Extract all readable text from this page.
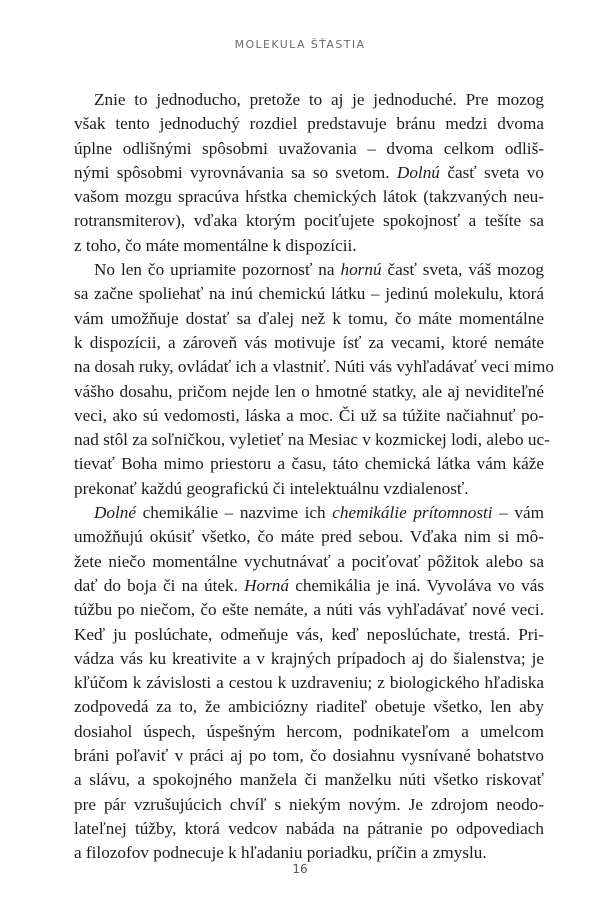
MOLEKULA ŠŤASTIA
Znie to jednoducho, pretože to aj je jednoduché. Pre mozog
však tento jednoduchý rozdiel predstavuje bránu medzi dvoma
úplne odlišnými spôsobmi uvažovania – dvoma celkom odliš-
nými spôsobmi vyrovnávania sa so svetom. Dolnú časť sveta vo
vašom mozgu spracúva hŕstka chemických látok (takzvaných neu-
rotransmiterov), vďaka ktorým pociťujete spokojnosť a tešíte sa
z toho, čo máte momentálne k dispozícii.
No len čo upriamite pozornosť na hornú časť sveta, váš mozog
sa začne spoliehať na inú chemickú látku – jedinú molekulu, ktorá
vám umožňuje dostať sa ďalej než k tomu, čo máte momentálne
k dispozícii, a zároveň vás motivuje ísť za vecami, ktoré nemáte
na dosah ruky, ovládať ich a vlastniť. Núti vás vyhľadávať veci mimo
vášho dosahu, pričom nejde len o hmotné statky, ale aj neviditeľné
veci, ako sú vedomosti, láska a moc. Či už sa túžite načiahnuť po-
nad stôl za soľničkou, vyletieť na Mesiac v kozmickej lodi, alebo uc-
tievať Boha mimo priestoru a času, táto chemická látka vám káže
prekonať každú geografickú či intelektuálnu vzdialenosť.
Dolné chemikálie – nazvime ich chemikálie prítomnosti – vám
umožňujú okúsiť všetko, čo máte pred sebou. Vďaka nim si mô-
žete niečo momentálne vychutnávať a pociťovať pôžitok alebo sa
dať do boja či na útek. Horná chemikália je iná. Vyvoláva vo vás
túžbu po niečom, čo ešte nemáte, a núti vás vyhľadávať nové veci.
Keď ju poslúchate, odmeňuje vás, keď neposlúchate, trestá. Pri-
vádza vás ku kreativite a v krajných prípadoch aj do šialenstva; je
kľúčom k závislosti a cestou k uzdraveniu; z biologického hľadiska
zodpovedá za to, že ambiciózny riaditeľ obetuje všetko, len aby
dosiahol úspech, úspešným hercom, podnikateľom a umelcom
bráni poľaviť v práci aj po tom, čo dosiahnu vysnívané bohatstvo
a slávu, a spokojného manžela či manželku núti všetko riskovať
pre pár vzrušujúcich chvíľ s niekým novým. Je zdrojom neodo-
lateľnej túžby, ktorá vedcov nabáda na pátranie po odpovediach
a filozofov podnecuje k hľadaniu poriadku, príčin a zmyslu.
16
